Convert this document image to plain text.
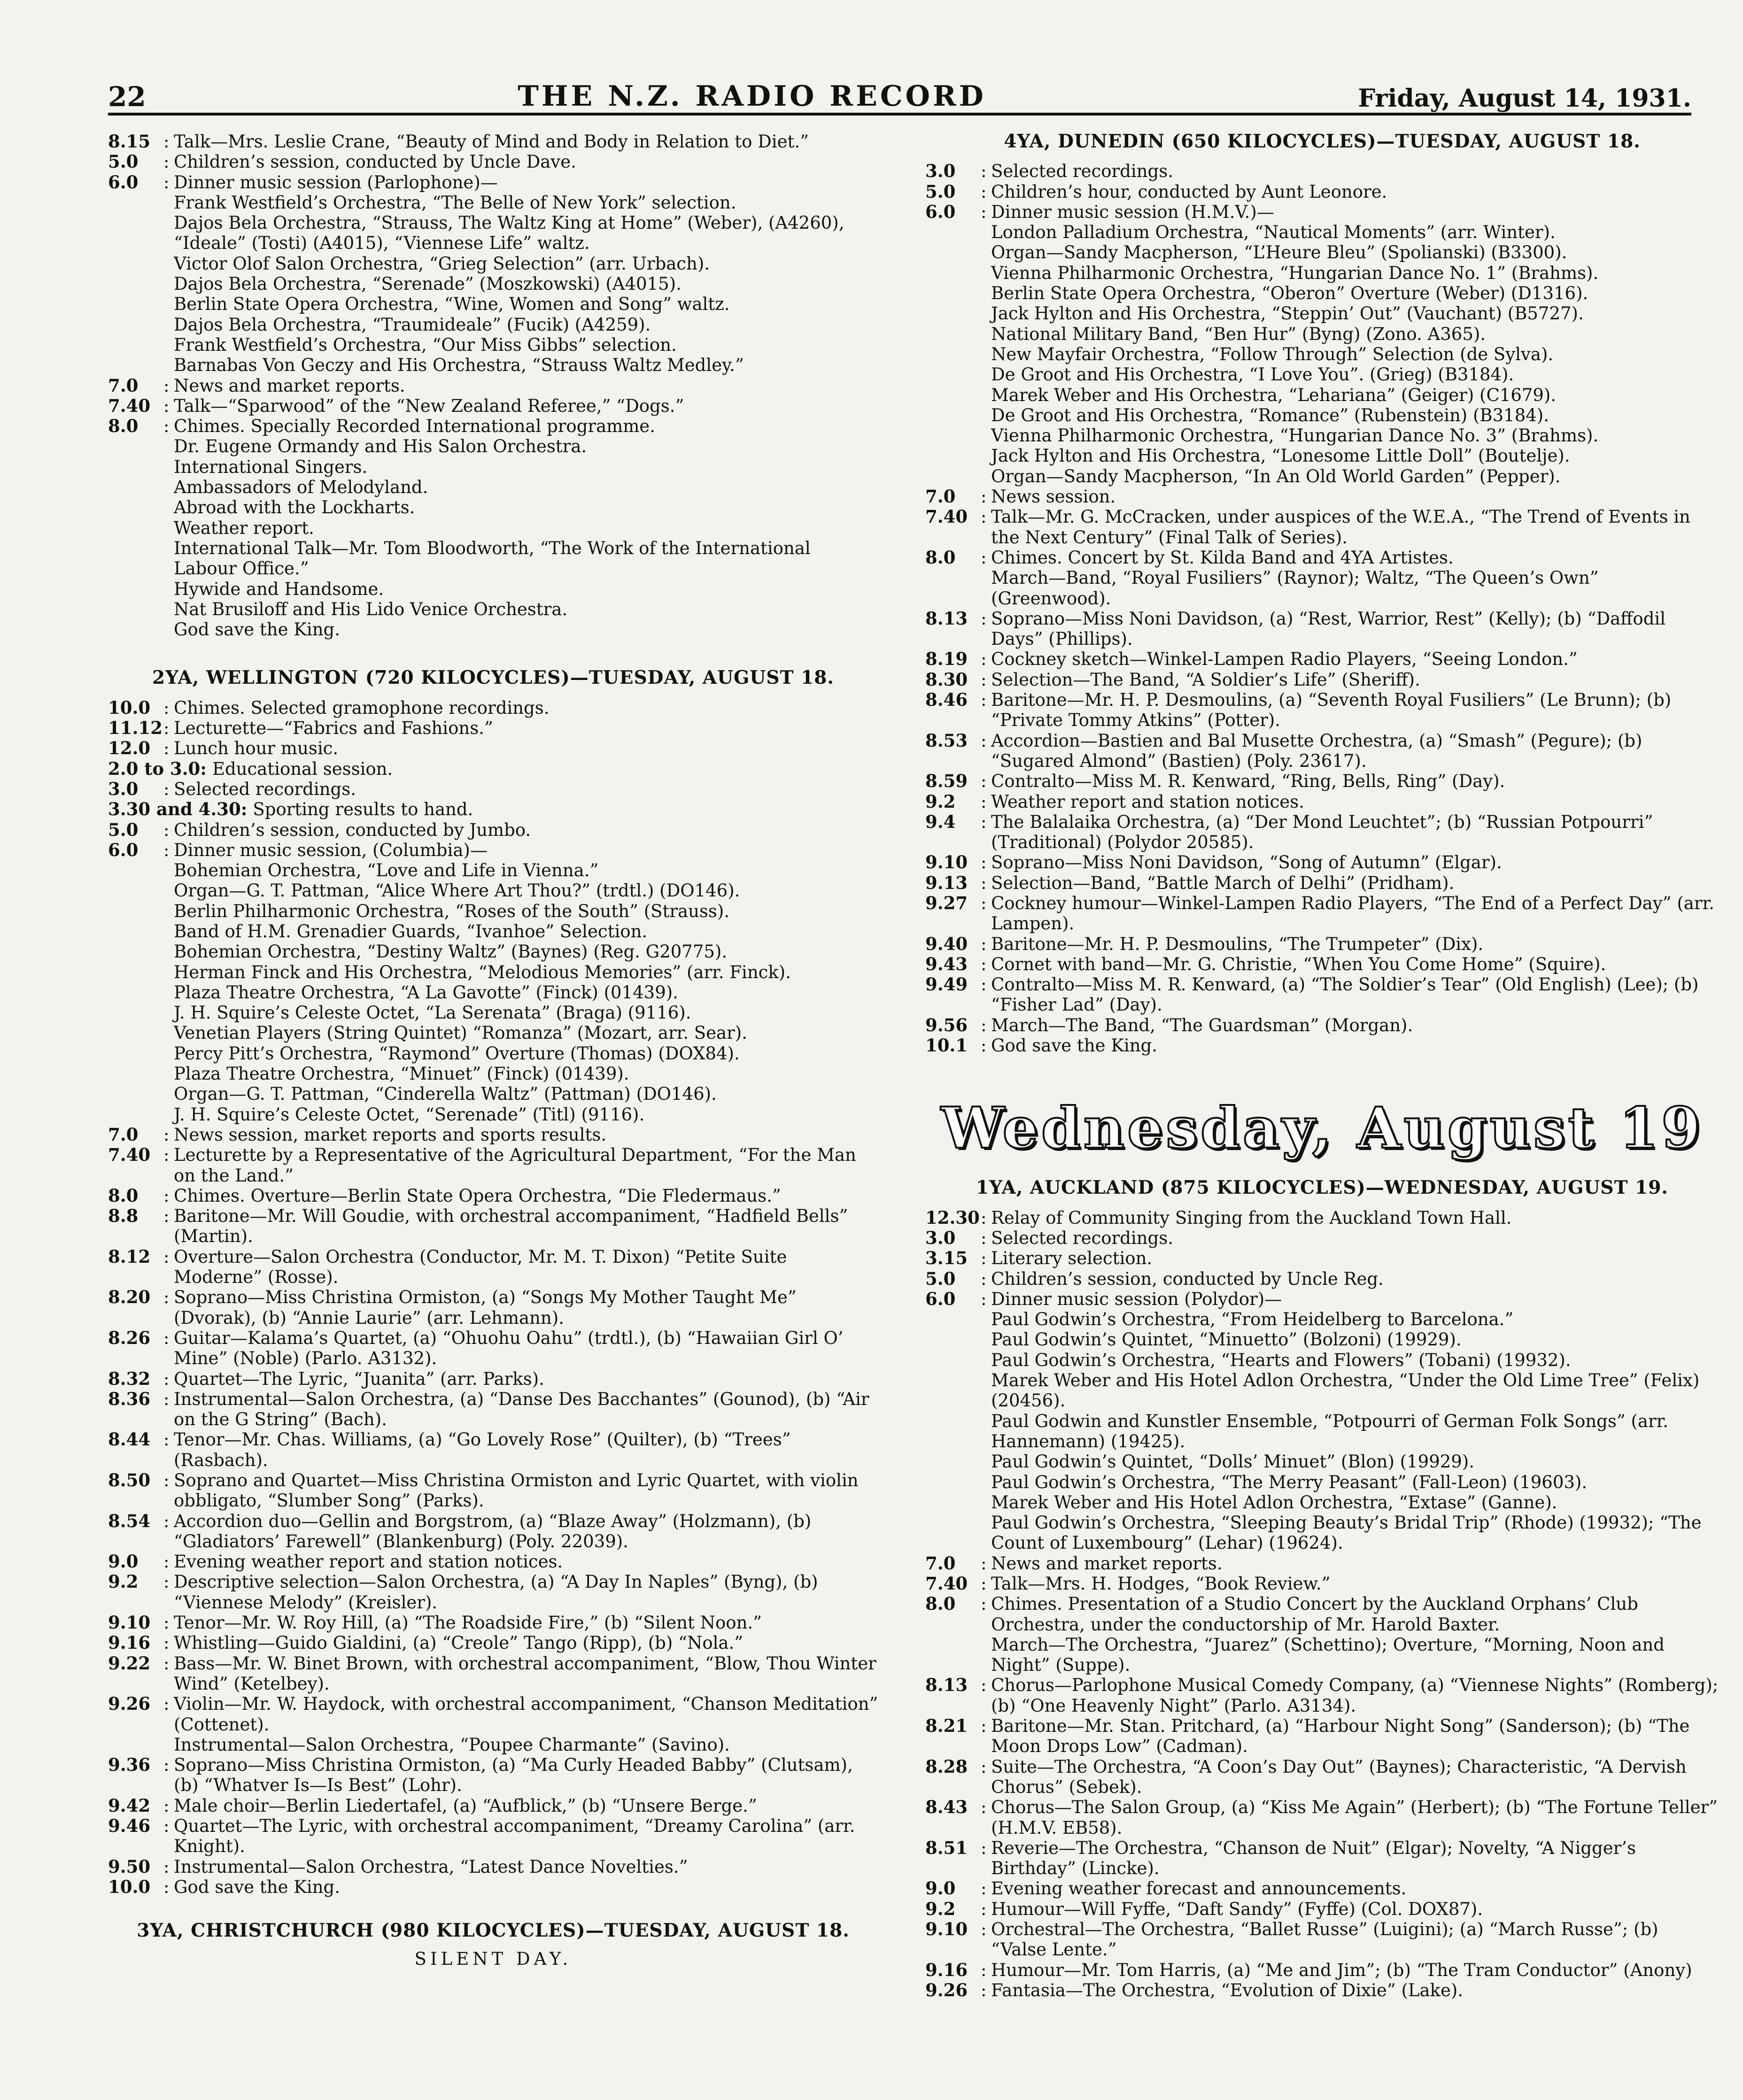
22	THE N.Z. RADIO RECORD	Friday, August 14, 1931.
8.15 : Talk—Mrs. Leslie Crane, “Beauty of Mind and Body in Relation to Diet.”
5.0	: Children’s session, conducted by Uncle Dave.
6.0	: Dinner music session (Parlophone)—
Frank Westfield’s Orchestra, “The Belle of New York” selection.
Dajos Bela Orchestra, “Strauss, The Waltz King at Home” (Weber), (A4260), “Ideale” (Tosti) (A4015), “Viennese Life” waltz.
Victor Olof Salon Orchestra, “Grieg Selection” (arr. Urbach).
Dajos Bela Orchestra, “Serenade” (Moszkowski) (A4015).
Berlin State Opera Orchestra, “Wine, Women and Song” waltz.
Dajos Bela Orchestra, “Traumideale” (Fucik) (A4259).
Frank Westfield’s Orchestra, “Our Miss Gibbs” selection.
Barnabas Von Geczy and His Orchestra, “Strauss Waltz Medley.”
7.0	: News and market reports.
7.40 : Talk—“Sparwood” of the “New Zealand Referee,” “Dogs.”
8.0	: Chimes. Specially Recorded International programme.
Dr. Eugene Ormandy and His Salon Orchestra.
International Singers.
Ambassadors of Melodyland.
Abroad with the Lockharts.
Weather report.
International Talk—Mr. Tom Bloodworth, “The Work of the International Labour Office.”
Hywide and Handsome.
Nat Brusiloff and His Lido Venice Orchestra.
God save the King.

2YA, WELLINGTON (720 KILOCYCLES)—TUESDAY, AUGUST 18.

10.0 : Chimes. Selected gramophone recordings.
11.12 : Lecturette—“Fabrics and Fashions.”
12.0 : Lunch hour music.
2.0 to 3.0: Educational session.
3.0	: Selected recordings.
3.30 and 4.30: Sporting results to hand.
5.0	: Children’s session, conducted by Jumbo.
6.0	: Dinner music session, (Columbia)—
Bohemian Orchestra, “Love and Life in Vienna.”
Organ—G. T. Pattman, “Alice Where Art Thou?” (trdtl.) (DO146).
Berlin Philharmonic Orchestra, “Roses of the South” (Strauss).
Band of H.M. Grenadier Guards, “Ivanhoe” Selection.
Bohemian Orchestra, “Destiny Waltz” (Baynes) (Reg. G20775).
Herman Finck and His Orchestra, “Melodious Memories” (arr. Finck).
Plaza Theatre Orchestra, “A La Gavotte” (Finck) (01439).
J. H. Squire’s Celeste Octet, “La Serenata” (Braga) (9116).
Venetian Players (String Quintet) “Romanza” (Mozart, arr. Sear).
Percy Pitt’s Orchestra, “Raymond” Overture (Thomas) (DOX84).
Plaza Theatre Orchestra, “Minuet” (Finck) (01439).
Organ—G. T. Pattman, “Cinderella Waltz” (Pattman) (DO146).
J. H. Squire’s Celeste Octet, “Serenade” (Titl) (9116).
7.0	: News session, market reports and sports results.
7.40 : Lecturette by a Representative of the Agricultural Department, “For the Man on the Land.”
8.0	: Chimes. Overture—Berlin State Opera Orchestra, “Die Fledermaus.”
8.8	: Baritone—Mr. Will Goudie, with orchestral accompaniment, “Hadfield Bells” (Martin).
8.12 : Overture—Salon Orchestra (Conductor, Mr. M. T. Dixon) “Petite Suite Moderne” (Rosse).
8.20 : Soprano—Miss Christina Ormiston, (a) “Songs My Mother Taught Me” (Dvorak), (b) “Annie Laurie” (arr. Lehmann).
8.26 : Guitar—Kalama’s Quartet, (a) “Ohuohu Oahu” (trdtl.), (b) “Hawaiian Girl O’ Mine” (Noble) (Parlo. A3132).
8.32 : Quartet—The Lyric, “Juanita” (arr. Parks).
8.36 : Instrumental—Salon Orchestra, (a) “Danse Des Bacchantes” (Gounod), (b) “Air on the G String” (Bach).
8.44 : Tenor—Mr. Chas. Williams, (a) “Go Lovely Rose” (Quilter), (b) “Trees” (Rasbach).
8.50 : Soprano and Quartet—Miss Christina Ormiston and Lyric Quartet, with violin obbligato, “Slumber Song” (Parks).
8.54 : Accordion duo—Gellin and Borgstrom, (a) “Blaze Away” (Holzmann), (b) “Gladiators’ Farewell” (Blankenburg) (Poly. 22039).
9.0	: Evening weather report and station notices.
9.2	: Descriptive selection—Salon Orchestra, (a) “A Day In Naples” (Byng), (b) “Viennese Melody” (Kreisler).
9.10 : Tenor—Mr. W. Roy Hill, (a) “The Roadside Fire,” (b) “Silent Noon.”
9.16 : Whistling—Guido Gialdini, (a) “Creole” Tango (Ripp), (b) “Nola.”
9.22 : Bass—Mr. W. Binet Brown, with orchestral accompaniment, “Blow, Thou Winter Wind” (Ketelbey).
9.26 : Violin—Mr. W. Haydock, with orchestral accompaniment, “Chanson Meditation” (Cottenet).
Instrumental—Salon Orchestra, “Poupee Charmante” (Savino).
9.36 : Soprano—Miss Christina Ormiston, (a) “Ma Curly Headed Babby” (Clutsam), (b) “Whatver Is—Is Best” (Lohr).
9.42 : Male choir—Berlin Liedertafel, (a) “Aufblick,” (b) “Unsere Berge.”
9.46 : Quartet—The Lyric, with orchestral accompaniment, “Dreamy Carolina” (arr. Knight).
9.50 : Instrumental—Salon Orchestra, “Latest Dance Novelties.”
10.0 : God save the King.

3YA, CHRISTCHURCH (980 KILOCYCLES)—TUESDAY, AUGUST 18.

SILENT DAY.

4YA, DUNEDIN (650 KILOCYCLES)—TUESDAY, AUGUST 18.

3.0	: Selected recordings.
5.0	: Children’s hour, conducted by Aunt Leonore.
6.0	: Dinner music session (H.M.V.)—
London Palladium Orchestra, “Nautical Moments” (arr. Winter).
Organ—Sandy Macpherson, “L’Heure Bleu” (Spolianski) (B3300).
Vienna Philharmonic Orchestra, “Hungarian Dance No. 1” (Brahms).
Berlin State Opera Orchestra, “Oberon” Overture (Weber) (D1316).
Jack Hylton and His Orchestra, “Steppin’ Out” (Vauchant) (B5727).
National Military Band, “Ben Hur” (Byng) (Zono. A365).
New Mayfair Orchestra, “Follow Through” Selection (de Sylva).
De Groot and His Orchestra, “I Love You”. (Grieg) (B3184).
Marek Weber and His Orchestra, “Lehariana” (Geiger) (C1679).
De Groot and His Orchestra, “Romance” (Rubenstein) (B3184).
Vienna Philharmonic Orchestra, “Hungarian Dance No. 3” (Brahms).
Jack Hylton and His Orchestra, “Lonesome Little Doll” (Boutelje).
Organ—Sandy Macpherson, “In An Old World Garden” (Pepper).
7.0	: News session.
7.40 : Talk—Mr. G. McCracken, under auspices of the W.E.A., “The Trend of Events in the Next Century” (Final Talk of Series).
8.0	: Chimes. Concert by St. Kilda Band and 4YA Artistes.
March—Band, “Royal Fusiliers” (Raynor); Waltz, “The Queen’s Own” (Greenwood).
8.13 : Soprano—Miss Noni Davidson, (a) “Rest, Warrior, Rest” (Kelly); (b) “Daffodil Days” (Phillips).
8.19 : Cockney sketch—Winkel-Lampen Radio Players, “Seeing London.”
8.30 : Selection—The Band, “A Soldier’s Life” (Sheriff).
8.46 : Baritone—Mr. H. P. Desmoulins, (a) “Seventh Royal Fusiliers” (Le Brunn); (b) “Private Tommy Atkins” (Potter).
8.53 : Accordion—Bastien and Bal Musette Orchestra, (a) “Smash” (Pegure); (b) “Sugared Almond” (Bastien) (Poly. 23617).
8.59 : Contralto—Miss M. R. Kenward, “Ring, Bells, Ring” (Day).
9.2	: Weather report and station notices.
9.4	: The Balalaika Orchestra, (a) “Der Mond Leuchtet”; (b) “Russian Potpourri” (Traditional) (Polydor 20585).
9.10 : Soprano—Miss Noni Davidson, “Song of Autumn” (Elgar).
9.13 : Selection—Band, “Battle March of Delhi” (Pridham).
9.27 : Cockney humour—Winkel-Lampen Radio Players, “The End of a Perfect Day” (arr. Lampen).
9.40 : Baritone—Mr. H. P. Desmoulins, “The Trumpeter” (Dix).
9.43 : Cornet with band—Mr. G. Christie, “When You Come Home” (Squire).
9.49 : Contralto—Miss M. R. Kenward, (a) “The Soldier’s Tear” (Old English) (Lee); (b) “Fisher Lad” (Day).
9.56 : March—The Band, “The Guardsman” (Morgan).
10.1 : God save the King.
Wednesday, August 19

1YA, AUCKLAND (875 KILOCYCLES)—WEDNESDAY, AUGUST 19.

12.30 : Relay of Community Singing from the Auckland Town Hall.
3.0	: Selected recordings.
3.15 : Literary selection.
5.0	: Children’s session, conducted by Uncle Reg.
6.0	: Dinner music session (Polydor)—
Paul Godwin’s Orchestra, “From Heidelberg to Barcelona.”
Paul Godwin’s Quintet, “Minuetto” (Bolzoni) (19929).
Paul Godwin’s Orchestra, “Hearts and Flowers” (Tobani) (19932).
Marek Weber and His Hotel Adlon Orchestra, “Under the Old Lime Tree” (Felix) (20456).
Paul Godwin and Kunstler Ensemble, “Potpourri of German Folk Songs” (arr. Hannemann) (19425).
Paul Godwin’s Quintet, “Dolls’ Minuet” (Blon) (19929).
Paul Godwin’s Orchestra, “The Merry Peasant” (Fall-Leon) (19603).
Marek Weber and His Hotel Adlon Orchestra, “Extase” (Ganne).
Paul Godwin’s Orchestra, “Sleeping Beauty’s Bridal Trip” (Rhode) (19932); “The Count of Luxembourg” (Lehar) (19624).
7.0	: News and market reports.
7.40 : Talk—Mrs. H. Hodges, “Book Review.”
8.0	: Chimes. Presentation of a Studio Concert by the Auckland Orphans’ Club Orchestra, under the conductorship of Mr. Harold Baxter.
March—The Orchestra, “Juarez” (Schettino); Overture, “Morning, Noon and Night” (Suppe).
8.13 : Chorus—Parlophone Musical Comedy Company, (a) “Viennese Nights” (Romberg); (b) “One Heavenly Night” (Parlo. A3134).
8.21 : Baritone—Mr. Stan. Pritchard, (a) “Harbour Night Song” (Sanderson); (b) “The Moon Drops Low” (Cadman).
8.28 : Suite—The Orchestra, “A Coon’s Day Out” (Baynes); Characteristic, “A Dervish Chorus” (Sebek).
8.43 : Chorus—The Salon Group, (a) “Kiss Me Again” (Herbert); (b) “The Fortune Teller” (H.M.V. EB58).
8.51 : Reverie—The Orchestra, “Chanson de Nuit” (Elgar); Novelty, “A Nigger’s Birthday” (Lincke).
9.0	: Evening weather forecast and announcements.
9.2	: Humour—Will Fyffe, “Daft Sandy” (Fyffe) (Col. DOX87).
9.10 : Orchestral—The Orchestra, “Ballet Russe” (Luigini); (a) “March Russe”; (b) “Valse Lente.”
9.16 : Humour—Mr. Tom Harris, (a) “Me and Jim”; (b) “The Tram Conductor” (Anony)
9.26 : Fantasia—The Orchestra, “Evolution of Dixie” (Lake).
